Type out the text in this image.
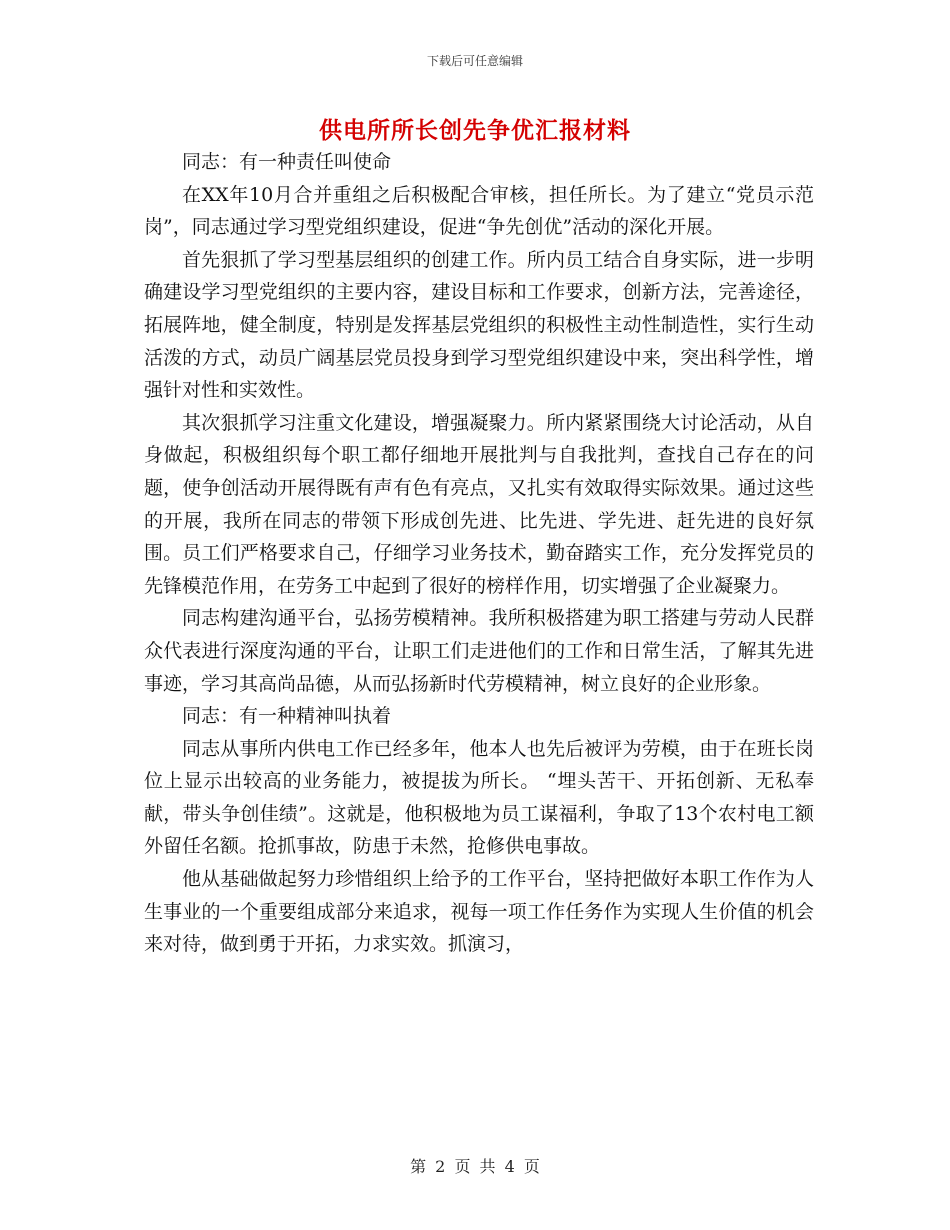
下载后可任意编辑
供电所所长创先争优汇报材料

同志：有一种责任叫使命

在XX年10月合并重组之后积极配合审核，担任所长。为了建立“党员示范岗”，同志通过学习型党组织建设，促进“争先创优”活动的深化开展。

首先狠抓了学习型基层组织的创建工作。所内员工结合自身实际，进一步明确建设学习型党组织的主要内容，建设目标和工作要求，创新方法，完善途径，拓展阵地，健全制度，特别是发挥基层党组织的积极性主动性制造性，实行生动活泼的方式，动员广阔基层党员投身到学习型党组织建设中来，突出科学性，增强针对性和实效性。

其次狠抓学习注重文化建设，增强凝聚力。所内紧紧围绕大讨论活动，从自身做起，积极组织每个职工都仔细地开展批判与自我批判，查找自己存在的问题，使争创活动开展得既有声有色有亮点，又扎实有效取得实际效果。通过这些的开展，我所在同志的带领下形成创先进、比先进、学先进、赶先进的良好氛围。员工们严格要求自己，仔细学习业务技术，勤奋踏实工作，充分发挥党员的先锋模范作用，在劳务工中起到了很好的榜样作用，切实增强了企业凝聚力。

同志构建沟通平台，弘扬劳模精神。我所积极搭建为职工搭建与劳动人民群众代表进行深度沟通的平台，让职工们走进他们的工作和日常生活，了解其先进事迹，学习其高尚品德，从而弘扬新时代劳模精神，树立良好的企业形象。

同志：有一种精神叫执着

同志从事所内供电工作已经多年，他本人也先后被评为劳模，由于在班长岗位上显示出较高的业务能力，被提拔为所长。 “埋头苦干、开拓创新、无私奉献，带头争创佳绩”。这就是，他积极地为员工谋福利，争取了13个农村电工额外留任名额。抢抓事故，防患于未然，抢修供电事故。

他从基础做起努力珍惜组织上给予的工作平台，坚持把做好本职工作作为人生事业的一个重要组成部分来追求，视每一项工作任务作为实现人生价值的机会来对待，做到勇于开拓，力求实效。抓演习，

第 2 页 共 4 页
